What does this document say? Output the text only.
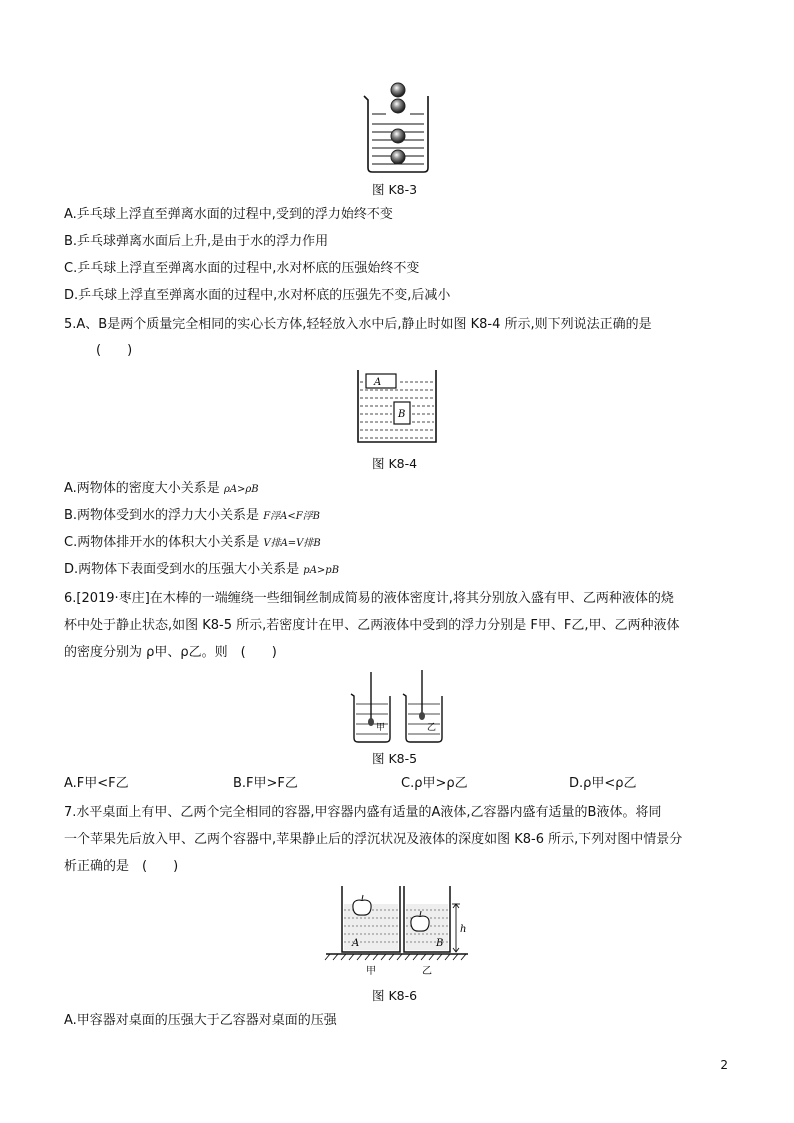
图 K8-3
A.乒乓球上浮直至弹离水面的过程中,受到的浮力始终不变
B.乒乓球弹离水面后上升,是由于水的浮力作用
C.乒乓球上浮直至弹离水面的过程中,水对杯底的压强始终不变
D.乒乓球上浮直至弹离水面的过程中,水对杯底的压强先不变,后减小
5.A、B是两个质量完全相同的实心长方体,轻轻放入水中后,静止时如图 K8-4 所示,则下列说法正确的是
(　　)
A
B
图 K8-4
A.两物体的密度大小关系是 ρA>ρB
B.两物体受到水的浮力大小关系是 F浮A<F浮B
C.两物体排开水的体积大小关系是 V排A=V排B
D.两物体下表面受到水的压强大小关系是 pA>pB
6.[2019·枣庄]在木棒的一端缠绕一些细铜丝制成简易的液体密度计,将其分别放入盛有甲、乙两种液体的烧
杯中处于静止状态,如图 K8-5 所示,若密度计在甲、乙两液体中受到的浮力分别是 F甲、F乙,甲、乙两种液体
的密度分别为 ρ甲、ρ乙。则　(　　)
甲	乙
图 K8-5
A.F甲<F乙	B.F甲>F乙	C.ρ甲>ρ乙	D.ρ甲<ρ乙
7.水平桌面上有甲、乙两个完全相同的容器,甲容器内盛有适量的A液体,乙容器内盛有适量的B液体。将同
一个苹果先后放入甲、乙两个容器中,苹果静止后的浮沉状况及液体的深度如图 K8-6 所示,下列对图中情景分
析正确的是　(　　)
A	B
h
甲	乙
图 K8-6
A.甲容器对桌面的压强大于乙容器对桌面的压强
2
